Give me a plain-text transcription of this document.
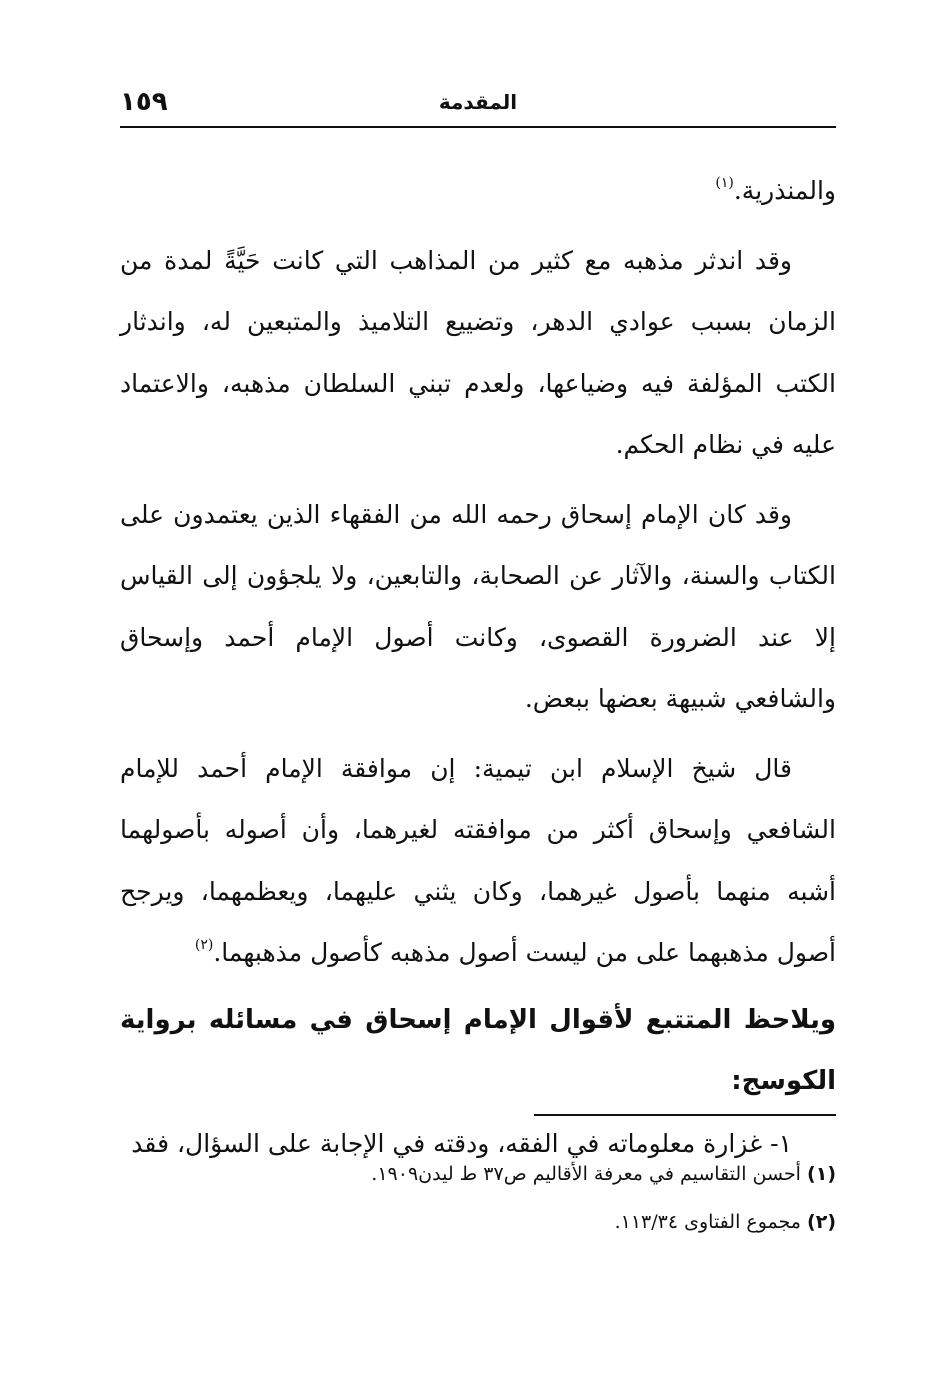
المقدمة
١٥٩

والمنذرية.$^{(١)}$

وقد اندثر مذهبه مع كثير من المذاهب التي كانت حَيَّةً لمدة من الزمان بسبب عوادي الدهر، وتضييع التلاميذ والمتبعين له، واندثار الكتب المؤلفة فيه وضياعها، ولعدم تبني السلطان مذهبه، والاعتماد عليه في نظام الحكم.

وقد كان الإمام إسحاق رحمه الله من الفقهاء الذين يعتمدون على الكتاب والسنة، والآثار عن الصحابة، والتابعين، ولا يلجؤون إلى القياس إلا عند الضرورة القصوى، وكانت أصول الإمام أحمد وإسحاق والشافعي شبيهة بعضها ببعض.

قال شيخ الإسلام ابن تيمية: إن موافقة الإمام أحمد للإمام الشافعي وإسحاق أكثر من موافقته لغيرهما، وأن أصوله بأصولهما أشبه منهما بأصول غيرهما، وكان يثني عليهما، ويعظمهما، ويرجح أصول مذهبهما على من ليست أصول مذهبه كأصول مذهبهما.$^{(٢)}$

ويلاحظ المتتبع لأقوال الإمام إسحاق في مسائله برواية الكوسج:

١- غزارة معلوماته في الفقه، ودقته في الإجابة على السؤال، فقد

(١) أحسن التقاسيم في معرفة الأقاليم ص٣٧ ط ليدن١٩٠٩.

(٢) مجموع الفتاوى ١١٣/٣٤.
